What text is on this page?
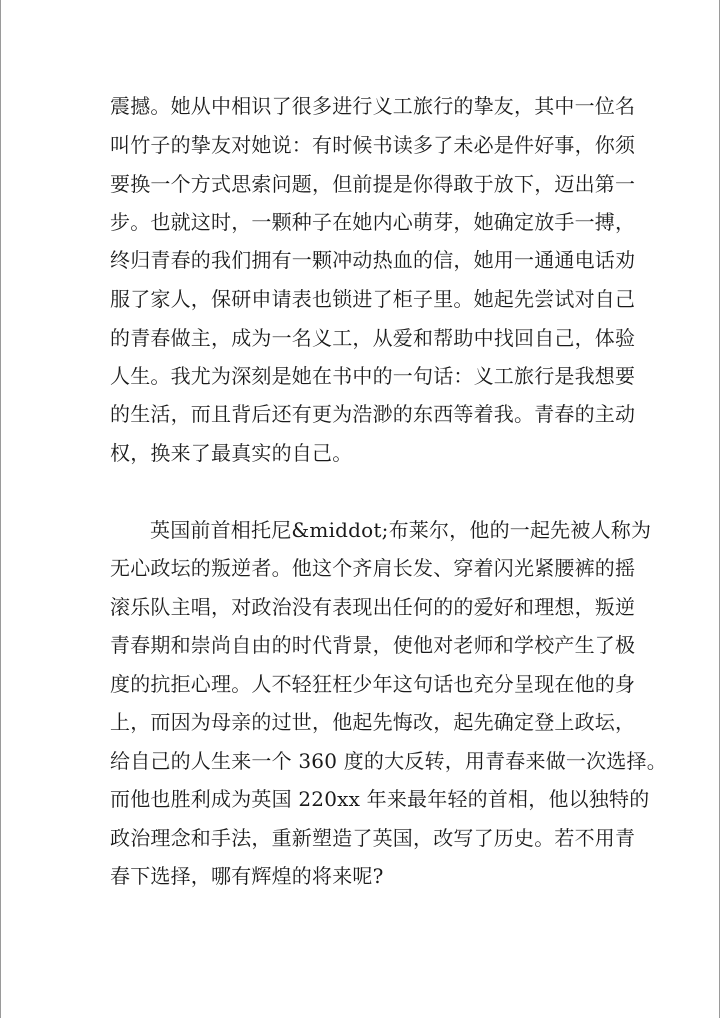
震撼。她从中相识了很多进行义工旅行的挚友，其中一位名
叫竹子的挚友对她说：有时候书读多了未必是件好事，你须
要换一个方式思索问题，但前提是你得敢于放下，迈出第一
步。也就这时，一颗种子在她内心萌芽，她确定放手一搏，
终归青春的我们拥有一颗冲动热血的信，她用一通通电话劝
服了家人，保研申请表也锁进了柜子里。她起先尝试对自己
的青春做主，成为一名义工，从爱和帮助中找回自己，体验
人生。我尤为深刻是她在书中的一句话：义工旅行是我想要
的生活，而且背后还有更为浩渺的东西等着我。青春的主动
权，换来了最真实的自己。
英国前首相托尼&middot;布莱尔，他的一起先被人称为
无心政坛的叛逆者。他这个齐肩长发、穿着闪光紧腰裤的摇
滚乐队主唱，对政治没有表现出任何的的爱好和理想，叛逆
青春期和崇尚自由的时代背景，使他对老师和学校产生了极
度的抗拒心理。人不轻狂枉少年这句话也充分呈现在他的身
上，而因为母亲的过世，他起先悔改，起先确定登上政坛，
给自己的人生来一个 360 度的大反转，用青春来做一次选择。
而他也胜利成为英国 220xx 年来最年轻的首相，他以独特的
政治理念和手法，重新塑造了英国，改写了历史。若不用青
春下选择，哪有辉煌的将来呢?
